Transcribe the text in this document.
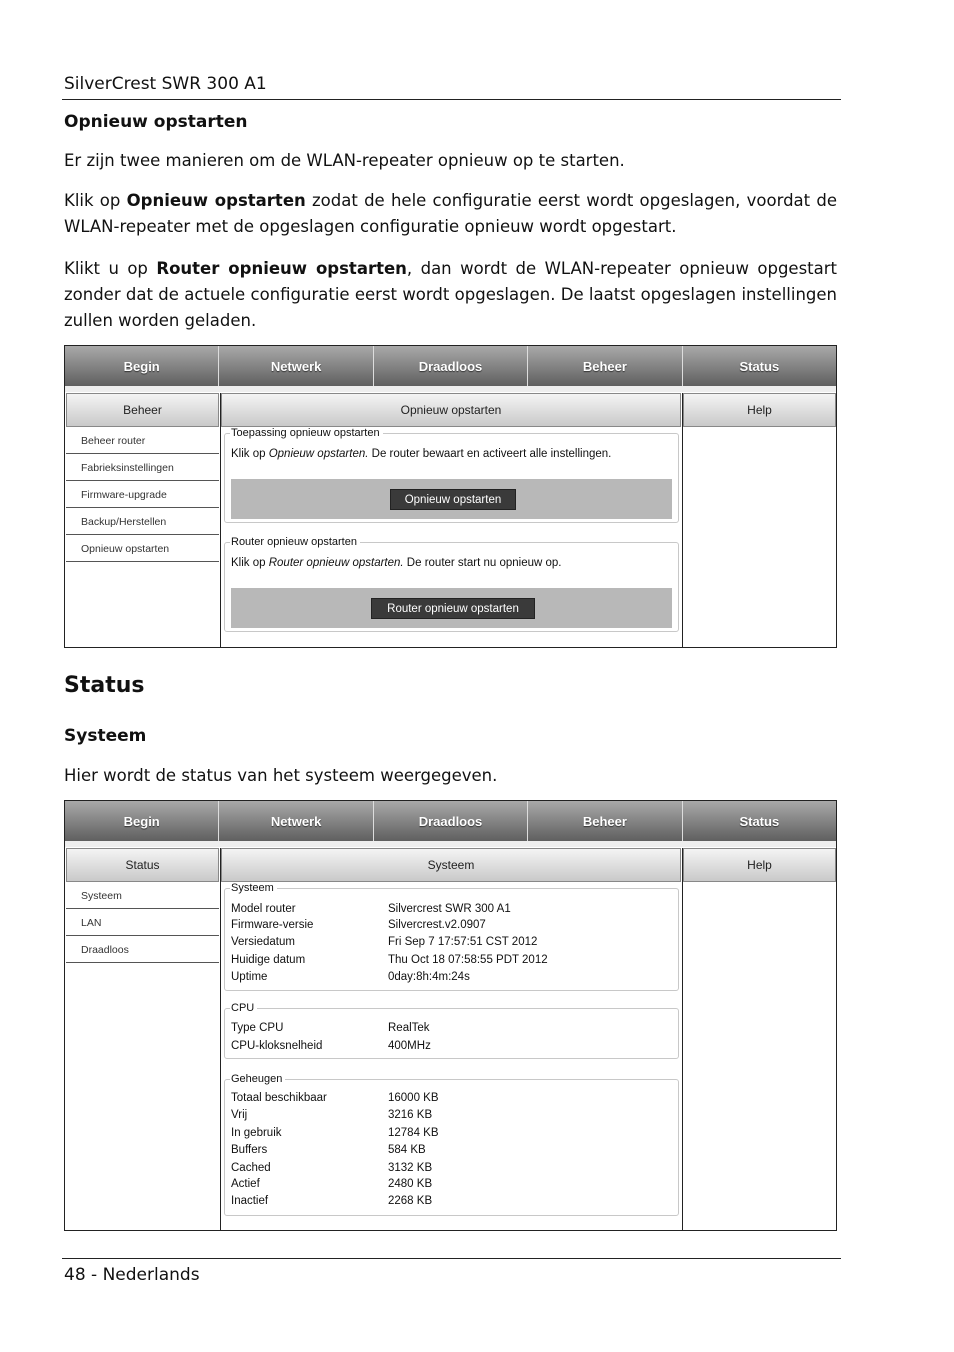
SilverCrest SWR 300 A1
Opnieuw opstarten
Er zijn twee manieren om de WLAN-repeater opnieuw op te starten.
Klik op Opnieuw opstarten zodat de hele configuratie eerst wordt opgeslagen, voordat de WLAN-repeater met de opgeslagen configuratie opnieuw wordt opgestart.
Klikt u op Router opnieuw opstarten, dan wordt de WLAN-repeater opnieuw opgestart zonder dat de actuele configuratie eerst wordt opgeslagen. De laatst opgeslagen instellingen zullen worden geladen.
Begin	Netwerk	Draadloos	Beheer	Status
Beheer	Opnieuw opstarten	Help
Beheer router
Fabrieksinstellingen
Firmware-upgrade
Backup/Herstellen
Opnieuw opstarten
Toepassing opnieuw opstarten
Klik op Opnieuw opstarten. De router bewaart en activeert alle instellingen.
Opnieuw opstarten
Router opnieuw opstarten
Klik op Router opnieuw opstarten. De router start nu opnieuw op.
Router opnieuw opstarten
Status
Systeem
Hier wordt de status van het systeem weergegeven.
Begin	Netwerk	Draadloos	Beheer	Status
Status	Systeem	Help
Systeem
LAN
Draadloos
Systeem
Model router	Silvercrest SWR 300 A1
Firmware-versie	Silvercrest.v2.0907
Versiedatum	Fri Sep 7 17:57:51 CST 2012
Huidige datum	Thu Oct 18 07:58:55 PDT 2012
Uptime	0day:8h:4m:24s
CPU
Type CPU	RealTek
CPU-kloksnelheid	400MHz
Geheugen
Totaal beschikbaar	16000 KB
Vrij	3216 KB
In gebruik	12784 KB
Buffers	584 KB
Cached	3132 KB
Actief	2480 KB
Inactief	2268 KB
48 - Nederlands
